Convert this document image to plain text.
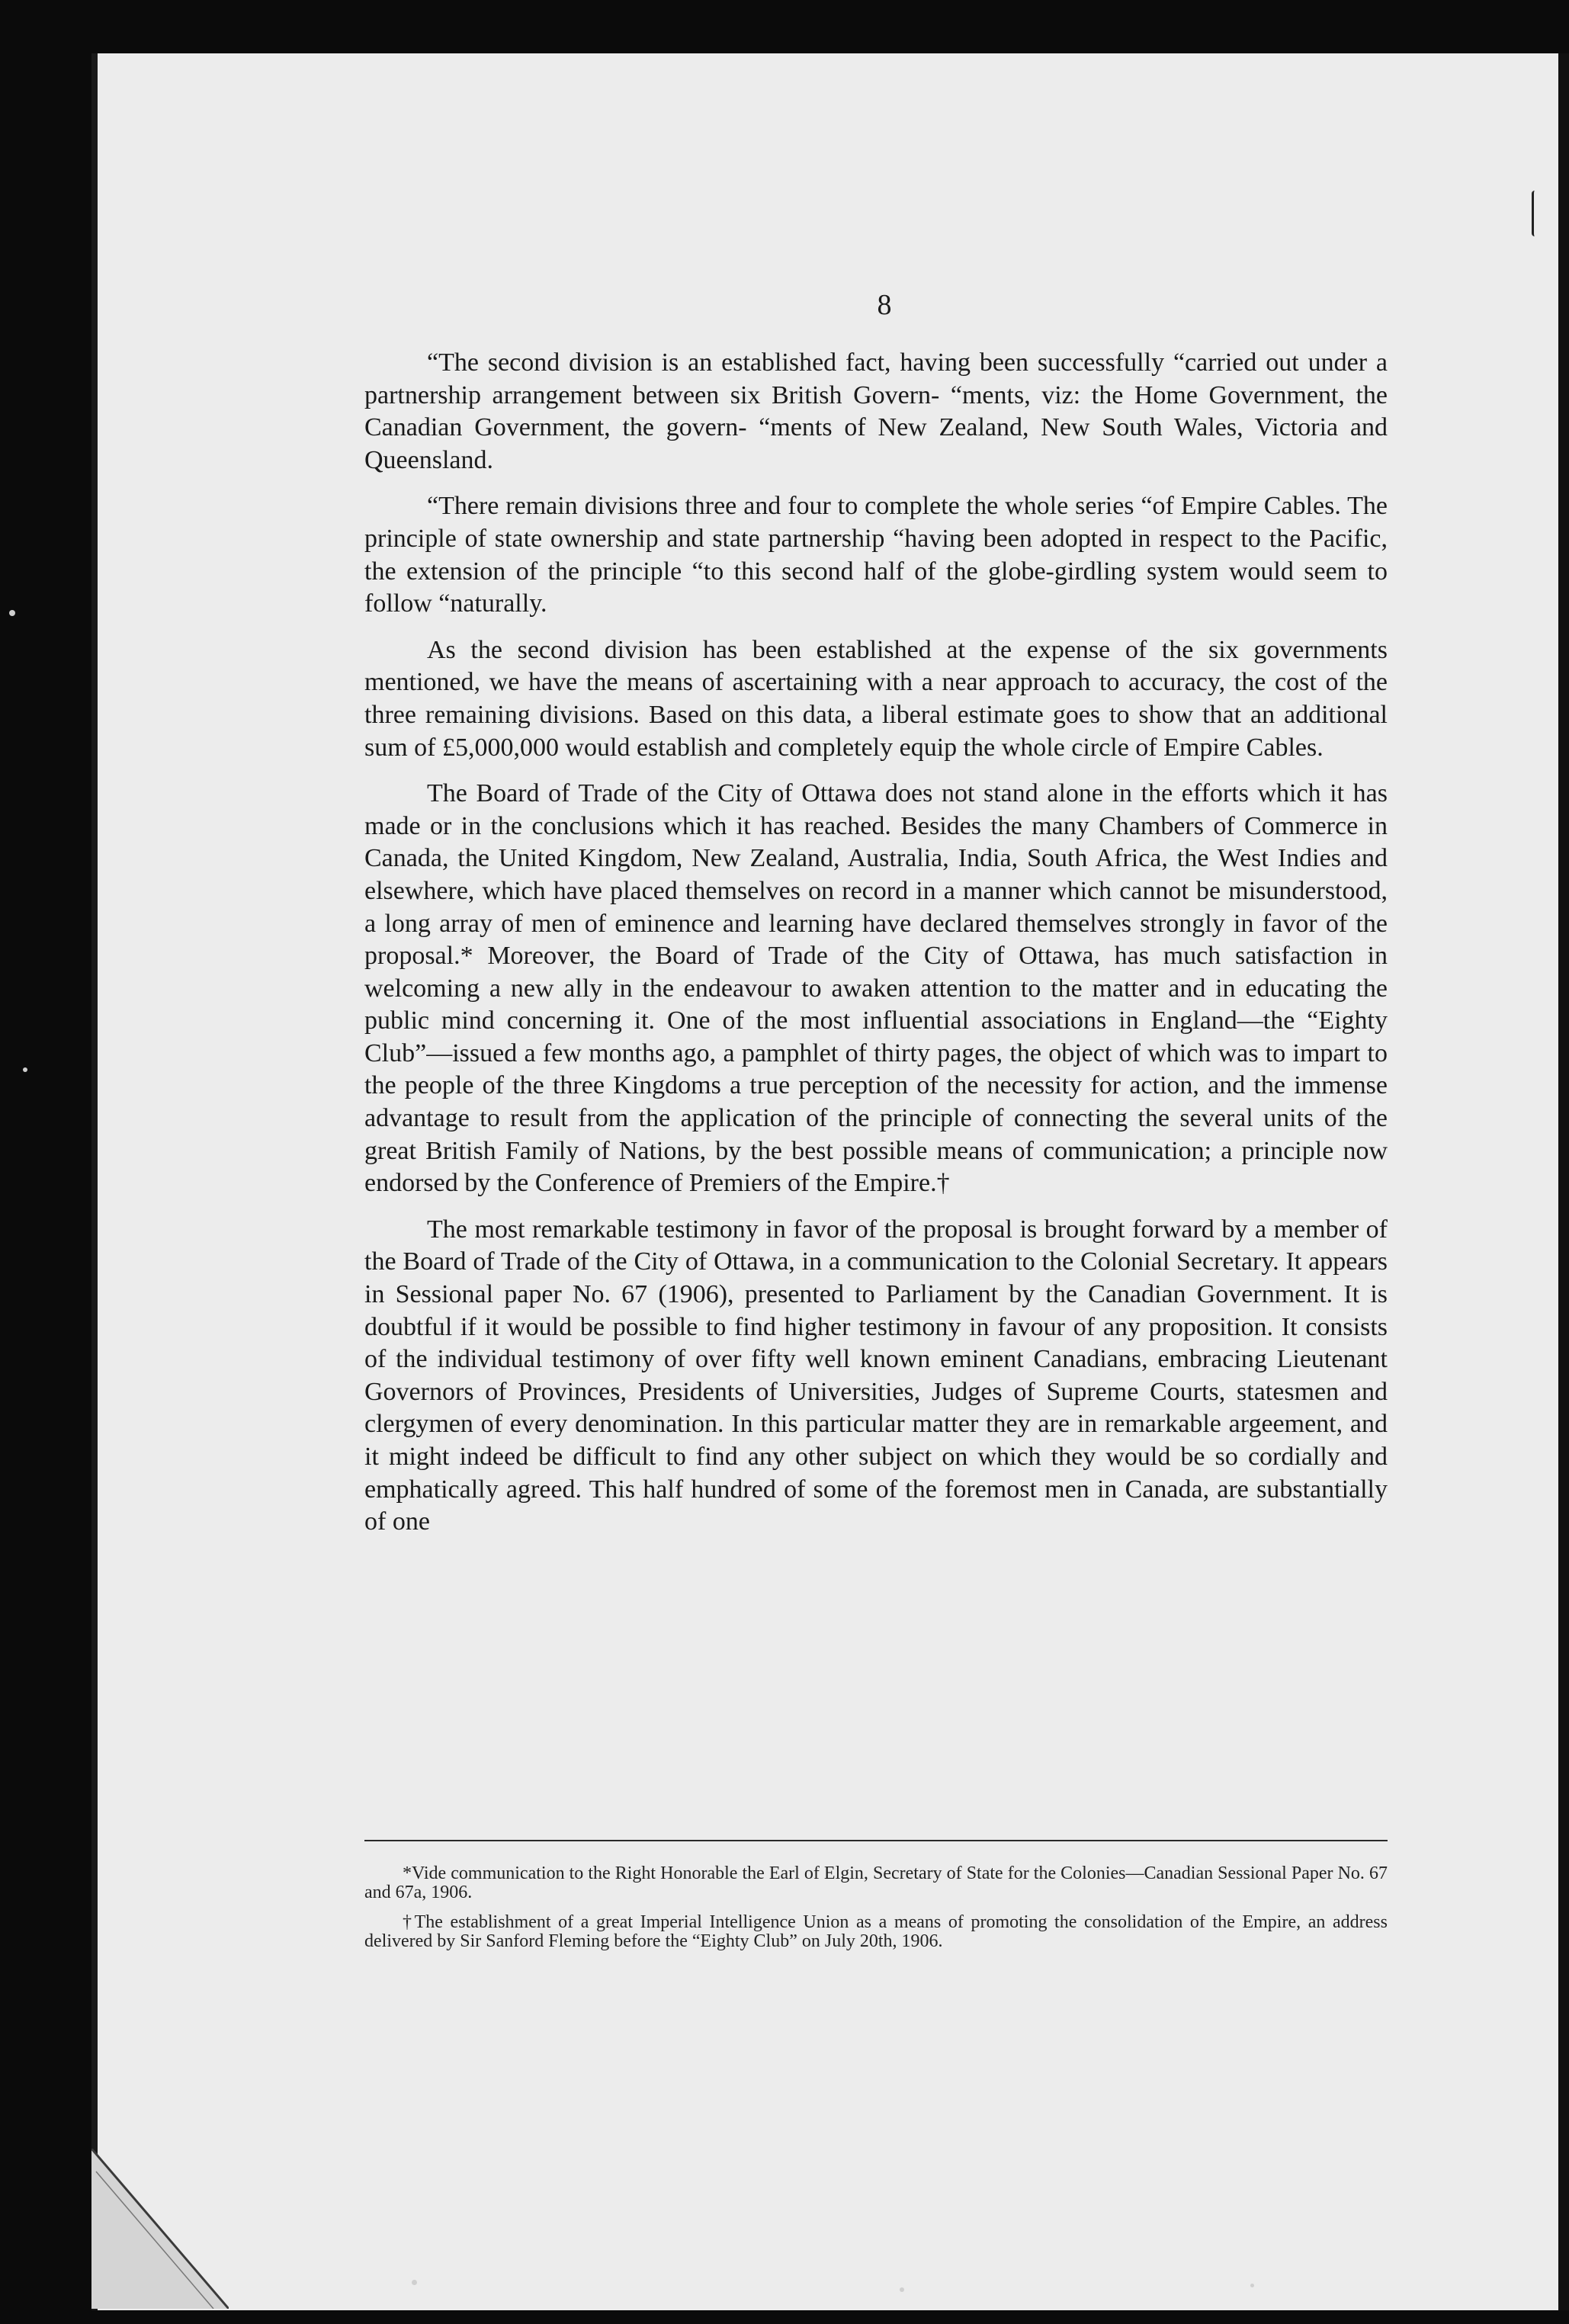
8

“The second division is an established fact, having been successfully “carried out under a partnership arrangement between six British Govern- “ments, viz: the Home Government, the Canadian Government, the govern- “ments of New Zealand, New South Wales, Victoria and Queensland.

“There remain divisions three and four to complete the whole series “of Empire Cables. The principle of state ownership and state partnership “having been adopted in respect to the Pacific, the extension of the principle “to this second half of the globe-girdling system would seem to follow “naturally.

As the second division has been established at the expense of the six governments mentioned, we have the means of ascertaining with a near approach to accuracy, the cost of the three remaining divisions. Based on this data, a liberal estimate goes to show that an additional sum of £5,000,000 would establish and completely equip the whole circle of Empire Cables.

The Board of Trade of the City of Ottawa does not stand alone in the efforts which it has made or in the conclusions which it has reached. Besides the many Chambers of Commerce in Canada, the United Kingdom, New Zealand, Australia, India, South Africa, the West Indies and elsewhere, which have placed themselves on record in a manner which cannot be misunderstood, a long array of men of eminence and learning have declared themselves strongly in favor of the proposal.* Moreover, the Board of Trade of the City of Ottawa, has much satisfaction in welcoming a new ally in the endeavour to awaken attention to the matter and in educating the public mind concerning it. One of the most influential associations in England—the “Eighty Club”—issued a few months ago, a pamphlet of thirty pages, the object of which was to impart to the people of the three Kingdoms a true perception of the necessity for action, and the immense advantage to result from the application of the principle of connecting the several units of the great British Family of Nations, by the best possible means of communication; a principle now endorsed by the Conference of Premiers of the Empire.†

The most remarkable testimony in favor of the proposal is brought forward by a member of the Board of Trade of the City of Ottawa, in a communication to the Colonial Secretary. It appears in Sessional paper No. 67 (1906), presented to Parliament by the Canadian Government. It is doubtful if it would be possible to find higher testimony in favour of any proposition. It consists of the individual testimony of over fifty well known eminent Canadians, embracing Lieutenant Governors of Provinces, Presidents of Universities, Judges of Supreme Courts, statesmen and clergymen of every denomination. In this particular matter they are in remarkable argeement, and it might indeed be difficult to find any other subject on which they would be so cordially and emphatically agreed. This half hundred of some of the foremost men in Canada, are substantially of one

*Vide communication to the Right Honorable the Earl of Elgin, Secretary of State for the Colonies—Canadian Sessional Paper No. 67 and 67a, 1906.

†The establishment of a great Imperial Intelligence Union as a means of promoting the consolidation of the Empire, an address delivered by Sir Sanford Fleming before the “Eighty Club” on July 20th, 1906.
